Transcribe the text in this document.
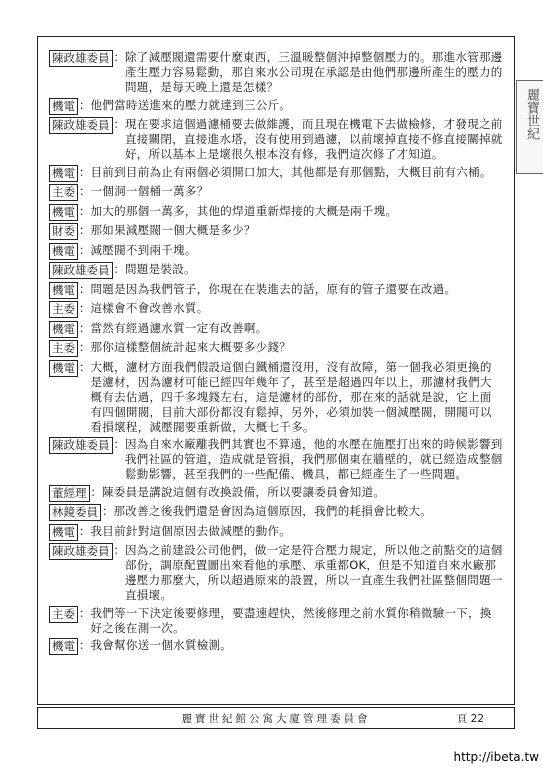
麗寶世紀
陳政雄委員 ： 除了減壓閥還需要什麼東西，三溫暖整個沖掉整個壓力的。那進水管那邊產生壓力容易鬆動，那自來水公司現在承認是由他們那邊所產生的壓力的問題，是每天晚上還是怎樣？
機電 ： 他們當時送進來的壓力就達到三公斤。
陳政雄委員 ： 現在要求這個過濾桶要去做維護，而且現在機電下去做檢修，才發現之前直接關閉，直接進水塔，沒有使用到過濾，以前壞掉直接不修直接關掉就好，所以基本上是壞很久根本沒有修，我們這次修了才知道。
機電 ： 目前到目前為止有兩個必須開口加大，其他都是有那個點，大概目前有六桶。
主委 ： 一個洞一個桶一萬多？
機電 ： 加大的那個一萬多，其他的焊道重新焊接的大概是兩千塊。
財委 ： 那如果減壓閥一個大概是多少？
機電 ： 減壓閥不到兩千塊。
陳政雄委員 ： 問題是裝設。
機電 ： 問題是因為我們管子，你現在在裝進去的話，原有的管子還要在改過。
主委 ： 這樣會不會改善水質。
機電 ： 當然有經過濾水質一定有改善啊。
主委 ： 那你這樣整個統計起來大概要多少錢？
機電 ： 大概，濾材方面我們假設這個白鐵桶還沒用，沒有故障，第一個我必須更換的是濾材，因為濾材可能已經四年幾年了，甚至是超過四年以上，那濾材我們大概有去估過，四千多塊錢左右，這是濾材的部份，那在來的話就是說，它上面有四個開閥，目前大部份都沒有鬆掉，另外，必須加裝一個減壓閥，開閥可以看損壞程，減壓閥要重新做，大概七千多。
陳政雄委員 ： 因為自來水廠離我們其實也不算遠，他的水壓在施壓打出來的時候影響到我們社區的管道，造成就是管損，我們那個東在牆壁的，就已經造成整個鬆動影響，甚至我們的一些配備、機具，都已經產生了一些問題。
董經理 ： 陳委員是講說這個有改換設備，所以要讓委員會知道。
林鏡委員 ： 那改善之後我們還是會因為這個原因，我們的耗損會比較大。
機電 ： 我目前針對這個原因去做減壓的動作。
陳政雄委員 ： 因為之前建設公司他們，做一定是符合壓力規定，所以他之前點交的這個部份，調原配置圖出來看他的承壓、承重都OK，但是不知道自來水廠那邊壓力那麼大，所以超過原來的設置，所以一直產生我們社區整個問題一直損壞。
主委 ： 我們等一下決定後要修理，要盡速趕快，然後修理之前水質你稍微驗一下，換好之後在測一次。
機電 ： 我會幫你送一個水質檢測。
麗寶世紀館公寓大廈管理委員會	頁 22
http://ibeta.tw
